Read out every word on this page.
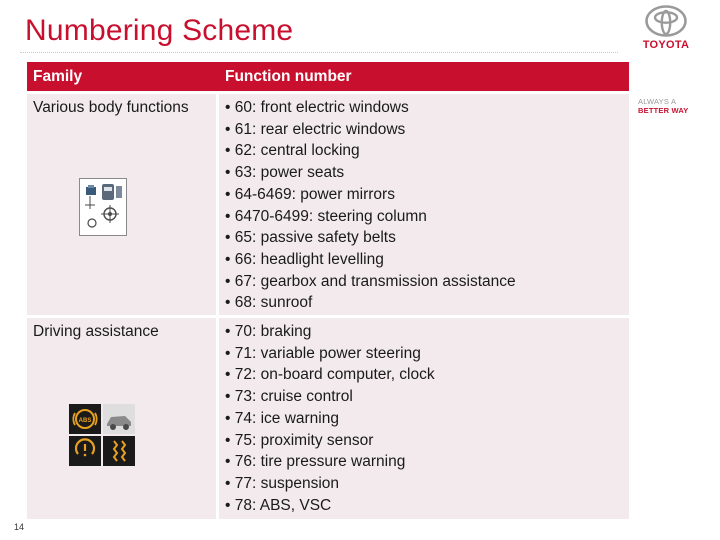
Numbering Scheme	TOYOTA
ALWAYS A
BETTER WAY
Family	Function number
Various body functions
•	60: front electric windows
• 61: rear electric windows
• 62: central locking
• 63: power seats
• 64-6469: power mirrors
• 6470-6499: steering column
• 65: passive safety belts
• 66: headlight levelling
• 67: gearbox and transmission assistance
• 68: sunroof
Driving assistance
ABS
• 70: braking
• 71: variable power steering
• 72: on-board computer, clock
• 73: cruise control
• 74: ice warning
• 75: proximity sensor
• 76: tire pressure warning
• 77: suspension
• 78: ABS, VSC
14
